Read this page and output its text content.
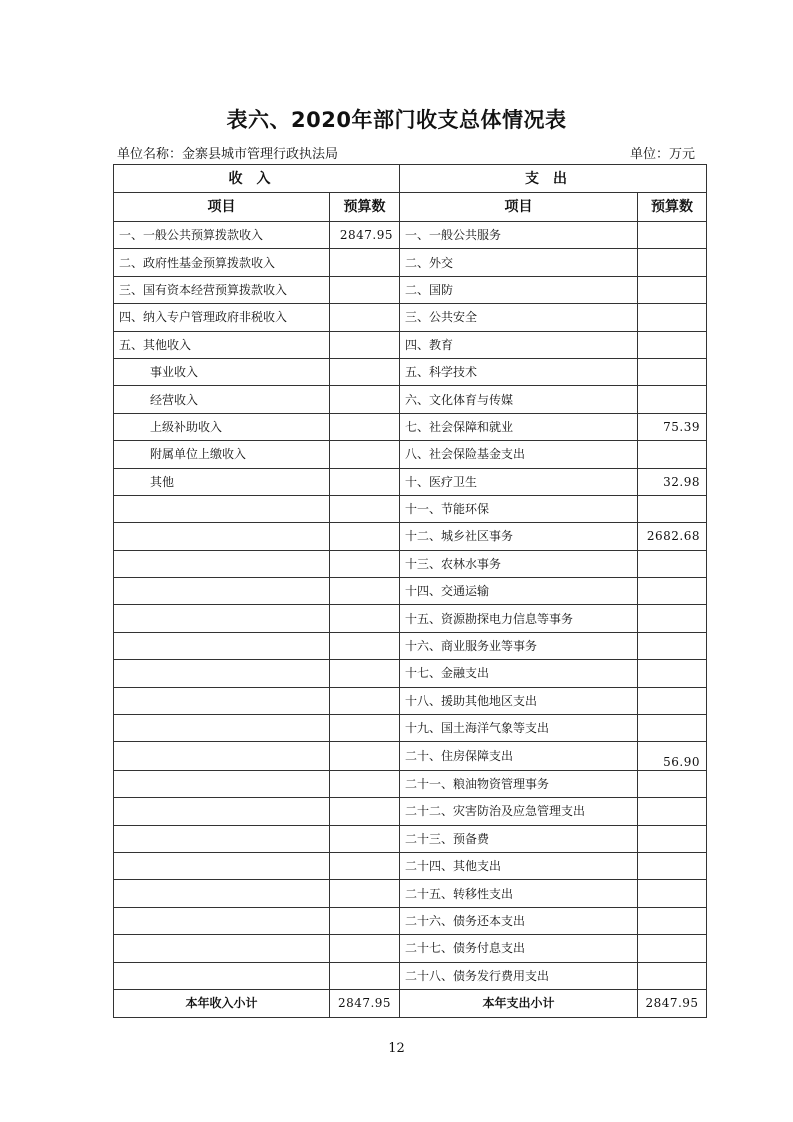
表六、2020年部门收支总体情况表
单位名称：金寨县城市管理行政执法局	单位：万元
收入		支出	
项目	预算数	项目	预算数
一、一般公共预算拨款收入	2847.95	一、一般公共服务	
二、政府性基金预算拨款收入		二、外交	
三、国有资本经营预算拨款收入		二、国防	
四、纳入专户管理政府非税收入		三、公共安全	
五、其他收入		四、教育	
事业收入		五、科学技术	
经营收入		六、文化体育与传媒	
上级补助收入		七、社会保障和就业	75.39
附属单位上缴收入		八、社会保险基金支出	
其他		十、医疗卫生	32.98
		十一、节能环保	
		十二、城乡社区事务	2682.68
		十三、农林水事务	
		十四、交通运输	
		十五、资源勘探电力信息等事务	
		十六、商业服务业等事务	
		十七、金融支出	
		十八、援助其他地区支出	
		十九、国土海洋气象等支出	
		二十、住房保障支出	56.90
		二十一、粮油物资管理事务	
		二十二、灾害防治及应急管理支出	
		二十三、预备费	
		二十四、其他支出	
		二十五、转移性支出	
		二十六、债务还本支出	
		二十七、债务付息支出	
		二十八、债务发行费用支出	
本年收入小计	2847.95	本年支出小计	2847.95
12
